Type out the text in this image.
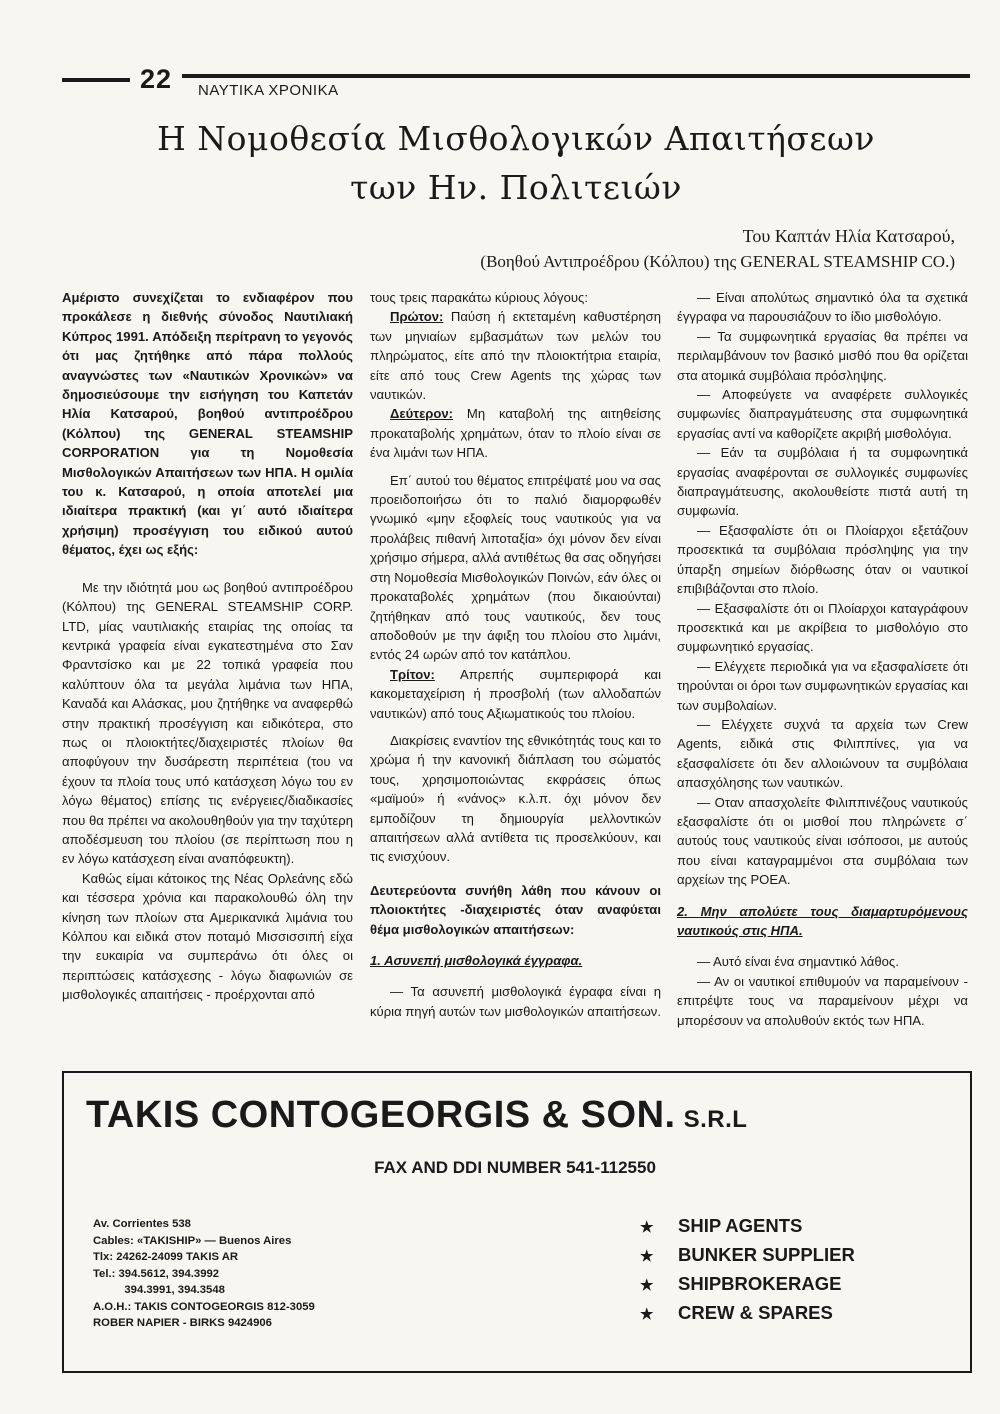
22	ΝΑΥΤΙΚΑ ΧΡΟΝΙΚΑ
Η Νομοθεσία Μισθολογικών Απαιτήσεων
των Ην. Πολιτειών
Του Καπτάν Ηλία Κατσαρού,
(Βοηθού Αντιπροέδρου (Κόλπου) της GENERAL STEAMSHIP CO.)

Αμέριστο συνεχίζεται το ενδιαφέρον που προκάλεσε η διεθνής σύνοδος Ναυτιλιακή Κύπρος 1991. Απόδειξη περίτρανη το γεγονός ότι μας ζητήθηκε από πάρα πολλούς αναγνώστες των «Ναυτικών Χρονικών» να δημοσιεύσουμε την εισήγηση του Καπετάν Ηλία Κατσαρού, βοηθού αντιπροέδρου (Κόλπου) της GENERAL STEAMSHIP CORPORATION για τη Νομοθεσία Μισθολογικών Απαιτήσεων των ΗΠΑ. Η ομιλία του κ. Κατσαρού, η οποία αποτελεί μια ιδιαίτερα πρακτική (και γι΄ αυτό ιδιαίτερα χρήσιμη) προσέγγιση του ειδικού αυτού θέματος, έχει ως εξής:

Με την ιδιότητά μου ως βοηθού αντιπροέδρου (Κόλπου) της GENERAL STEAMSHIP CORP. LTD, μίας ναυτιλιακής εταιρίας της οποίας τα κεντρικά γραφεία είναι εγκατεστημένα στο Σαν Φραντσίσκο και με 22 τοπικά γραφεία που καλύπτουν όλα τα μεγάλα λιμάνια των ΗΠΑ, Καναδά και Αλάσκας, μου ζητήθηκε να αναφερθώ στην πρακτική προσέγγιση και ειδικότερα, στο πως οι πλοιοκτήτες/διαχειριστές πλοίων θα αποφύγουν την δυσάρεστη περιπέτεια (του να έχουν τα πλοία τους υπό κατάσχεση λόγω του εν λόγω θέματος) επίσης τις ενέργειες/διαδικασίες που θα πρέπει να ακολουθηθούν για την ταχύτερη αποδέσμευση του πλοίου (σε περίπτωση που η εν λόγω κατάσχεση είναι αναπόφευκτη).

Καθώς είμαι κάτοικος της Νέας Ορλεάνης εδώ και τέσσερα χρόνια και παρακολουθώ όλη την κίνηση των πλοίων στα Αμερικανικά λιμάνια του Κόλπου και ειδικά στον ποταμό Μισσισσιπή είχα την ευκαιρία να συμπεράνω ότι όλες οι περιπτώσεις κατάσχεσης - λόγω διαφωνιών σε μισθολογικές απαιτήσεις - προέρχονται από

τους τρεις παρακάτω κύριους λόγους:

Πρώτον: Παύση ή εκτεταμένη καθυστέρηση των μηνιαίων εμβασμάτων των μελών του πληρώματος, είτε από την πλοιοκτήτρια εταιρία, είτε από τους Crew Agents της χώρας των ναυτικών.

Δεύτερον: Μη καταβολή της αιτηθείσης προκαταβολής χρημάτων, όταν το πλοίο είναι σε ένα λιμάνι των ΗΠΑ.

Επ΄ αυτού του θέματος επιτρέψατέ μου να σας προειδοποιήσω ότι το παλιό διαμορφωθέν γνωμικό «μην εξοφλείς τους ναυτικούς για να προλάβεις πιθανή λιποταξία» όχι μόνον δεν είναι χρήσιμο σήμερα, αλλά αντιθέτως θα σας οδηγήσει στη Νομοθεσία Μισθολογικών Ποινών, εάν όλες οι προκαταβολές χρημάτων (που δικαιούνται) ζητήθηκαν από τους ναυτικούς, δεν τους αποδοθούν με την άφιξη του πλοίου στο λιμάνι, εντός 24 ωρών από τον κατάπλου.

Τρίτον: Απρεπής συμπεριφορά και κακομεταχείριση ή προσβολή (των αλλοδαπών ναυτικών) από τους Αξιωματικούς του πλοίου.

Διακρίσεις εναντίον της εθνικότητάς τους και το χρώμα ή την κανονική διάπλαση του σώματός τους, χρησιμοποιώντας εκφράσεις όπως «μαϊμού» ή «νάνος» κ.λ.π. όχι μόνον δεν εμποδίζουν τη δημιουργία μελλοντικών απαιτήσεων αλλά αντίθετα τις προσελκύουν, και τις ενισχύουν.

Δευτερεύοντα συνήθη λάθη που κάνουν οι πλοιοκτήτες -διαχειριστές όταν αναφύεται θέμα μισθολογικών απαιτήσεων:

1. Ασυνεπή μισθολογικά έγγραφα.

— Τα ασυνεπή μισθολογικά έγραφα είναι η κύρια πηγή αυτών των μισθολογικών απαιτήσεων.

— Είναι απολύτως σημαντικό όλα τα σχετικά έγγραφα να παρουσιάζουν το ίδιο μισθολόγιο.

— Τα συμφωνητικά εργασίας θα πρέπει να περιλαμβάνουν τον βασικό μισθό που θα ορίζεται στα ατομικά συμβόλαια πρόσληψης.

— Αποφεύγετε να αναφέρετε συλλογικές συμφωνίες διαπραγμάτευσης στα συμφωνητικά εργασίας αντί να καθορίζετε ακριβή μισθολόγια.

— Εάν τα συμβόλαια ή τα συμφωνητικά εργασίας αναφέρονται σε συλλογικές συμφωνίες διαπραγμάτευσης, ακολουθείστε πιστά αυτή τη συμφωνία.

— Εξασφαλίστε ότι οι Πλοίαρχοι εξετάζουν προσεκτικά τα συμβόλαια πρόσληψης για την ύπαρξη σημείων διόρθωσης όταν οι ναυτικοί επιβιβάζονται στο πλοίο.

— Εξασφαλίστε ότι οι Πλοίαρχοι καταγράφουν προσεκτικά και με ακρίβεια το μισθολόγιο στο συμφωνητικό εργασίας.

— Ελέγχετε περιοδικά για να εξασφαλίσετε ότι τηρούνται οι όροι των συμφωνητικών εργασίας και των συμβολαίων.

— Ελέγχετε συχνά τα αρχεία των Crew Agents, ειδικά στις Φιλιππίνες, για να εξασφαλίσετε ότι δεν αλλοιώνουν τα συμβόλαια απασχόλησης των ναυτικών.

— Οταν απασχολείτε Φιλιππινέζους ναυτικούς εξασφαλίστε ότι οι μισθοί που πληρώνετε σ΄ αυτούς τους ναυτικούς είναι ισόποσοι, με αυτούς που είναι καταγραμμένοι στα συμβόλαια των αρχείων της POEA.

2. Μην απολύετε τους διαμαρτυρόμενους ναυτικούς στις ΗΠΑ.

— Αυτό είναι ένα σημαντικό λάθος.

— Αν οι ναυτικοί επιθυμούν να παραμείνουν - επιτρέψτε τους να παραμείνουν μέχρι να μπορέσουν να απολυθούν εκτός των ΗΠΑ.

TAKIS CONTOGEORGIS & SON. S.R.L
FAX AND DDI NUMBER 541-112550
Av. Corrientes 538
Cables: «TAKISHIP» — Buenos Aires
Tlx: 24262-24099 TAKIS AR
Tel.: 394.5612, 394.3992
394.3991, 394.3548
A.O.H.: TAKIS CONTOGEORGIS 812-3059
ROBER NAPIER - BIRKS 9424906
★ SHIP AGENTS
★ BUNKER SUPPLIER
★ SHIPBROKERAGE
★ CREW & SPARES
